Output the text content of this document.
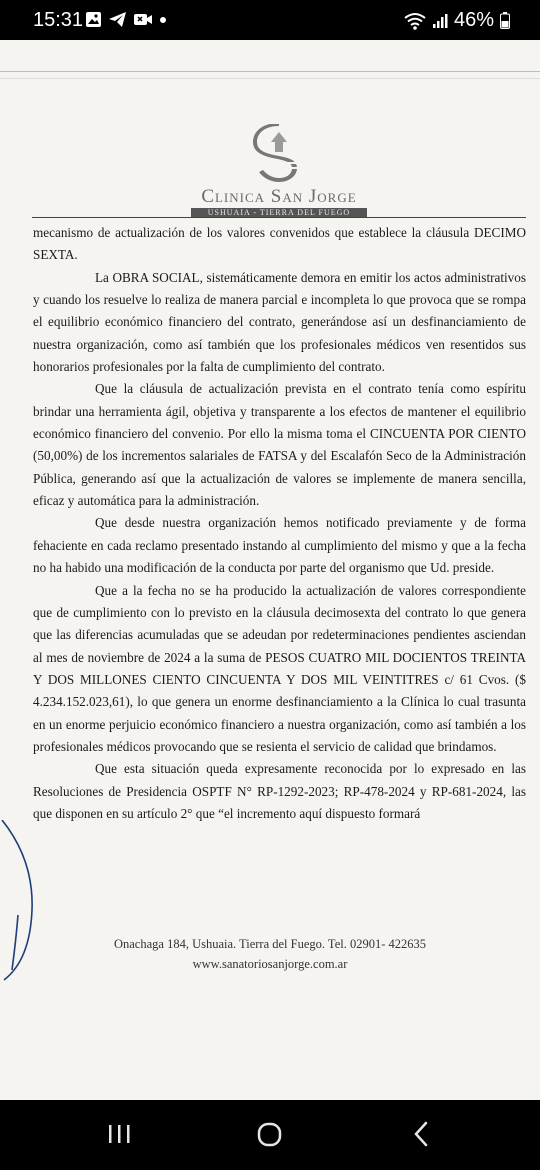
15:31	46%
Clinica San Jorge
USHUAIA - TIERRA DEL FUEGO

mecanismo de actualización de los valores convenidos que establece la cláusula DECIMO SEXTA.

La OBRA SOCIAL, sistemáticamente demora en emitir los actos administrativos y cuando los resuelve lo realiza de manera parcial e incompleta lo que provoca que se rompa el equilibrio económico financiero del contrato, generándose así un desfinanciamiento de nuestra organización, como así también que los profesionales médicos ven resentidos sus honorarios profesionales por la falta de cumplimiento del contrato.

Que la cláusula de actualización prevista en el contrato tenía como espíritu brindar una herramienta ágil, objetiva y transparente a los efectos de mantener el equilibrio económico financiero del convenio. Por ello la misma toma el CINCUENTA POR CIENTO (50,00%) de los incrementos salariales de FATSA y del Escalafón Seco de la Administración Pública, generando así que la actualización de valores se implemente de manera sencilla, eficaz y automática para la administración.

Que desde nuestra organización hemos notificado previamente y de forma fehaciente en cada reclamo presentado instando al cumplimiento del mismo y que a la fecha no ha habido una modificación de la conducta por parte del organismo que Ud. preside.

Que a la fecha no se ha producido la actualización de valores correspondiente que de cumplimiento con lo previsto en la cláusula decimosexta del contrato lo que genera que las diferencias acumuladas que se adeudan por redeterminaciones pendientes asciendan al mes de noviembre de 2024 a la suma de PESOS CUATRO MIL DOCIENTOS TREINTA Y DOS MILLONES CIENTO CINCUENTA Y DOS MIL VEINTITRES c/ 61 Cvos. ($ 4.234.152.023,61), lo que genera un enorme desfinanciamiento a la Clínica lo cual trasunta en un enorme perjuicio económico financiero a nuestra organización, como así también a los profesionales médicos provocando que se resienta el servicio de calidad que brindamos.

Que esta situación queda expresamente reconocida por lo expresado en las Resoluciones de Presidencia OSPTF N° RP-1292-2023; RP-478-2024 y RP-681-2024, las que disponen en su artículo 2° que “el incremento aquí dispuesto formará

Onachaga 184, Ushuaia. Tierra del Fuego. Tel. 02901- 422635
www.sanatoriosanjorge.com.ar
